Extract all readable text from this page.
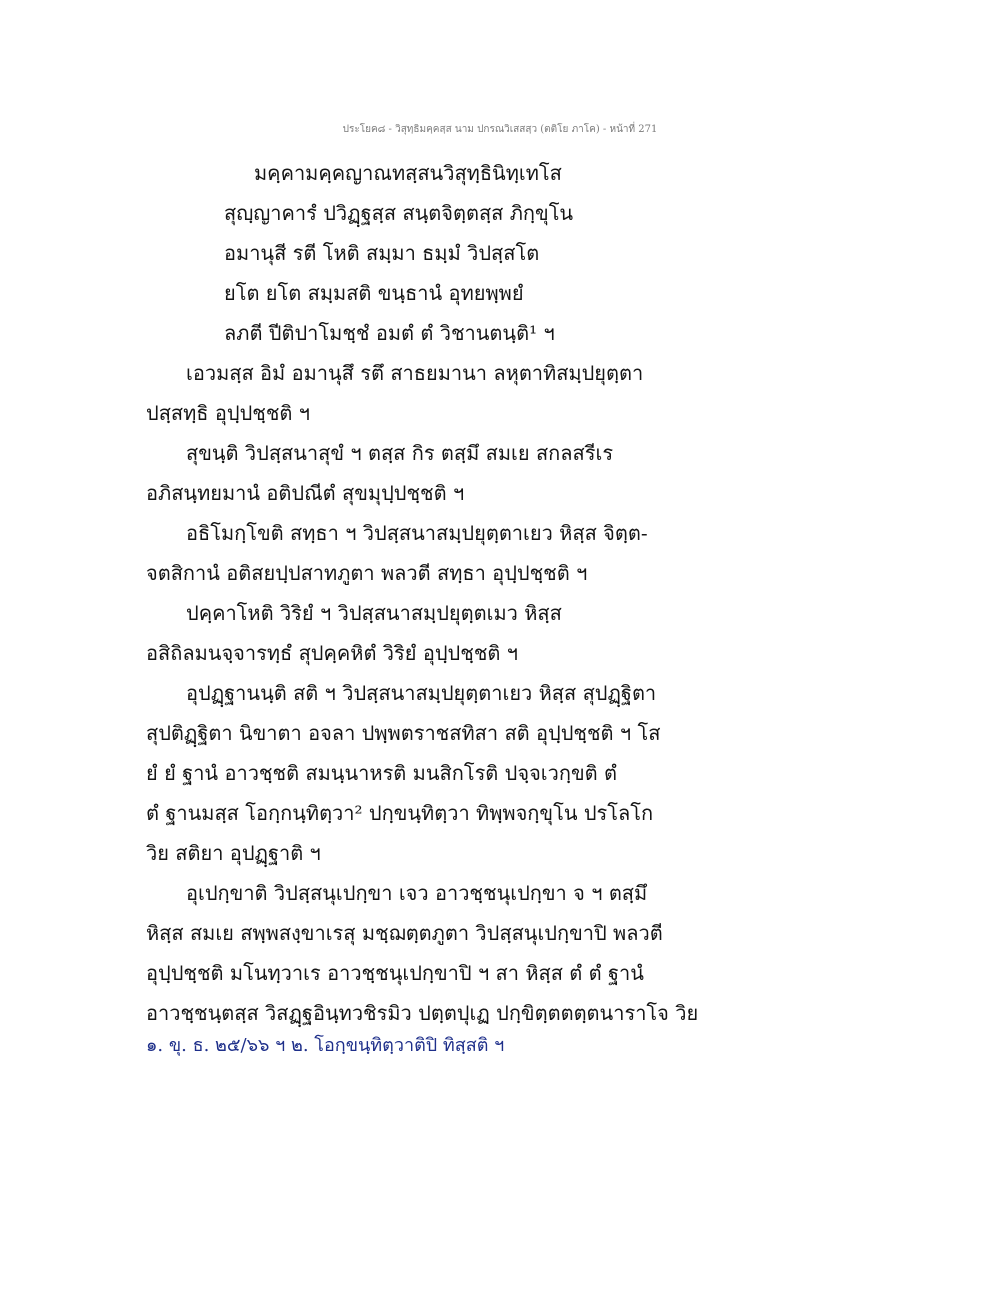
ประโยค๘ - วิสุทฺธิมคฺคสฺส นาม ปกรณวิเสสสฺว (ตติโย ภาโค) - หน้าที่ 271
มคฺคามคฺคญาณทสฺสนวิสุทฺธินิทฺเทโส
สุญฺญาคารํ ปวิฏฺฐสฺส สนฺตจิตฺตสฺส ภิกฺขุโน
อมานุสี รตี โหติ สมฺมา ธมฺมํ วิปสฺสโต
ยโต ยโต สมฺมสติ ขนฺธานํ อุทยพฺพยํ
ลภตี ปีติปาโมชฺชํ อมตํ ตํ วิชานตนฺติ¹ ฯ
เอวมสฺส อิมํ อมานุสึ รตึ สาธยมานา ลหุตาทิสมฺปยุตฺตา
ปสฺสทฺธิ อุปฺปชฺชติ ฯ
สุขนฺติ วิปสฺสนาสุขํ ฯ ตสฺส กิร ตสฺมึ สมเย สกลสรีเร
อภิสนฺทยมานํ อติปณีตํ สุขมุปฺปชฺชติ ฯ
อธิโมกฺโขติ สทฺธา ฯ วิปสฺสนาสมฺปยุตฺตาเยว หิสฺส จิตฺต-
จตสิกานํ อติสยปฺปสาทภูตา พลวตี สทฺธา อุปฺปชฺชติ ฯ
ปคฺคาโหติ วิริยํ ฯ วิปสฺสนาสมฺปยุตฺตเมว หิสฺส
อสิถิลมนจฺจารทฺธํ สุปคฺคหิตํ วิริยํ อุปฺปชฺชติ ฯ
อุปฏฺฐานนฺติ สติ ฯ วิปสฺสนาสมฺปยุตฺตาเยว หิสฺส สุปฏฺฐิตา
สุปติฏฺฐิตา นิขาตา อจลา ปพฺพตราชสทิสา สติ อุปฺปชฺชติ ฯ โส
ยํ ยํ ฐานํ อาวชฺชติ สมนฺนาหรติ มนสิกโรติ ปจฺจเวกฺขติ ตํ
ตํ ฐานมสฺส โอกฺกนฺทิตฺวา² ปกฺขนฺทิตฺวา ทิพฺพจกฺขุโน ปรโลโก
วิย สติยา อุปฏฺฐาติ ฯ
อุเปกฺขาติ วิปสฺสนุเปกฺขา เจว อาวชฺชนุเปกฺขา จ ฯ ตสฺมึ
หิสฺส สมเย สพฺพสงฺขาเรสุ มชฺฌตฺตภูตา วิปสฺสนุเปกฺขาปิ พลวตี
อุปฺปชฺชติ มโนทฺวาเร อาวชฺชนุเปกฺขาปิ ฯ สา หิสฺส ตํ ตํ ฐานํ
อาวชฺชนฺตสฺส วิสฏฺฐอินฺทวชิรมิว ปตฺตปุเฏ ปกฺขิตฺตตตฺตนาราโจ วิย
๑. ขุ. ธ. ๒๕/๖๖ ฯ ๒. โอกฺขนฺทิตฺวาติปิ ทิสฺสติ ฯ
